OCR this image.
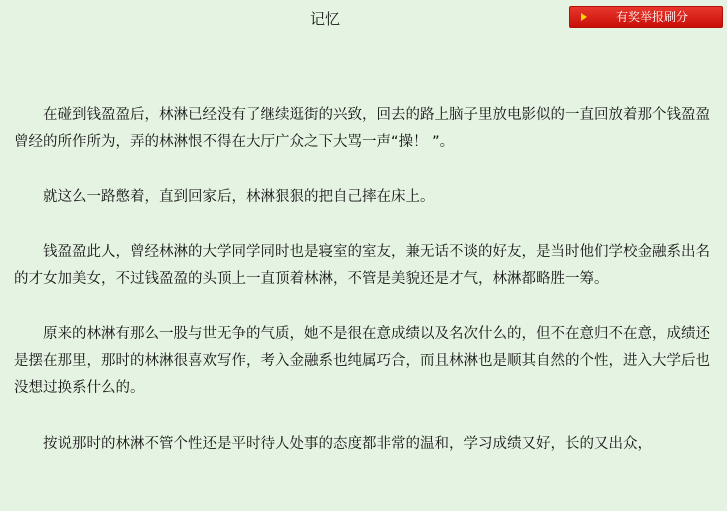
记忆	有奖举报刷分

在碰到钱盈盈后，林淋已经没有了继续逛街的兴致，回去的路上脑子里放电影似的一直回放着那个钱盈盈曾经的所作所为，弄的林淋恨不得在大厅广众之下大骂一声“操！ ”。

就这么一路憋着，直到回家后，林淋狠狠的把自己摔在床上。

钱盈盈此人，曾经林淋的大学同学同时也是寝室的室友，兼无话不谈的好友，是当时他们学校金融系出名的才女加美女，不过钱盈盈的头顶上一直顶着林淋，不管是美貌还是才气，林淋都略胜一筹。

原来的林淋有那么一股与世无争的气质，她不是很在意成绩以及名次什么的，但不在意归不在意，成绩还是摆在那里，那时的林淋很喜欢写作，考入金融系也纯属巧合，而且林淋也是顺其自然的个性，进入大学后也没想过换系什么的。

按说那时的林淋不管个性还是平时待人处事的态度都非常的温和，学习成绩又好，长的又出众，
